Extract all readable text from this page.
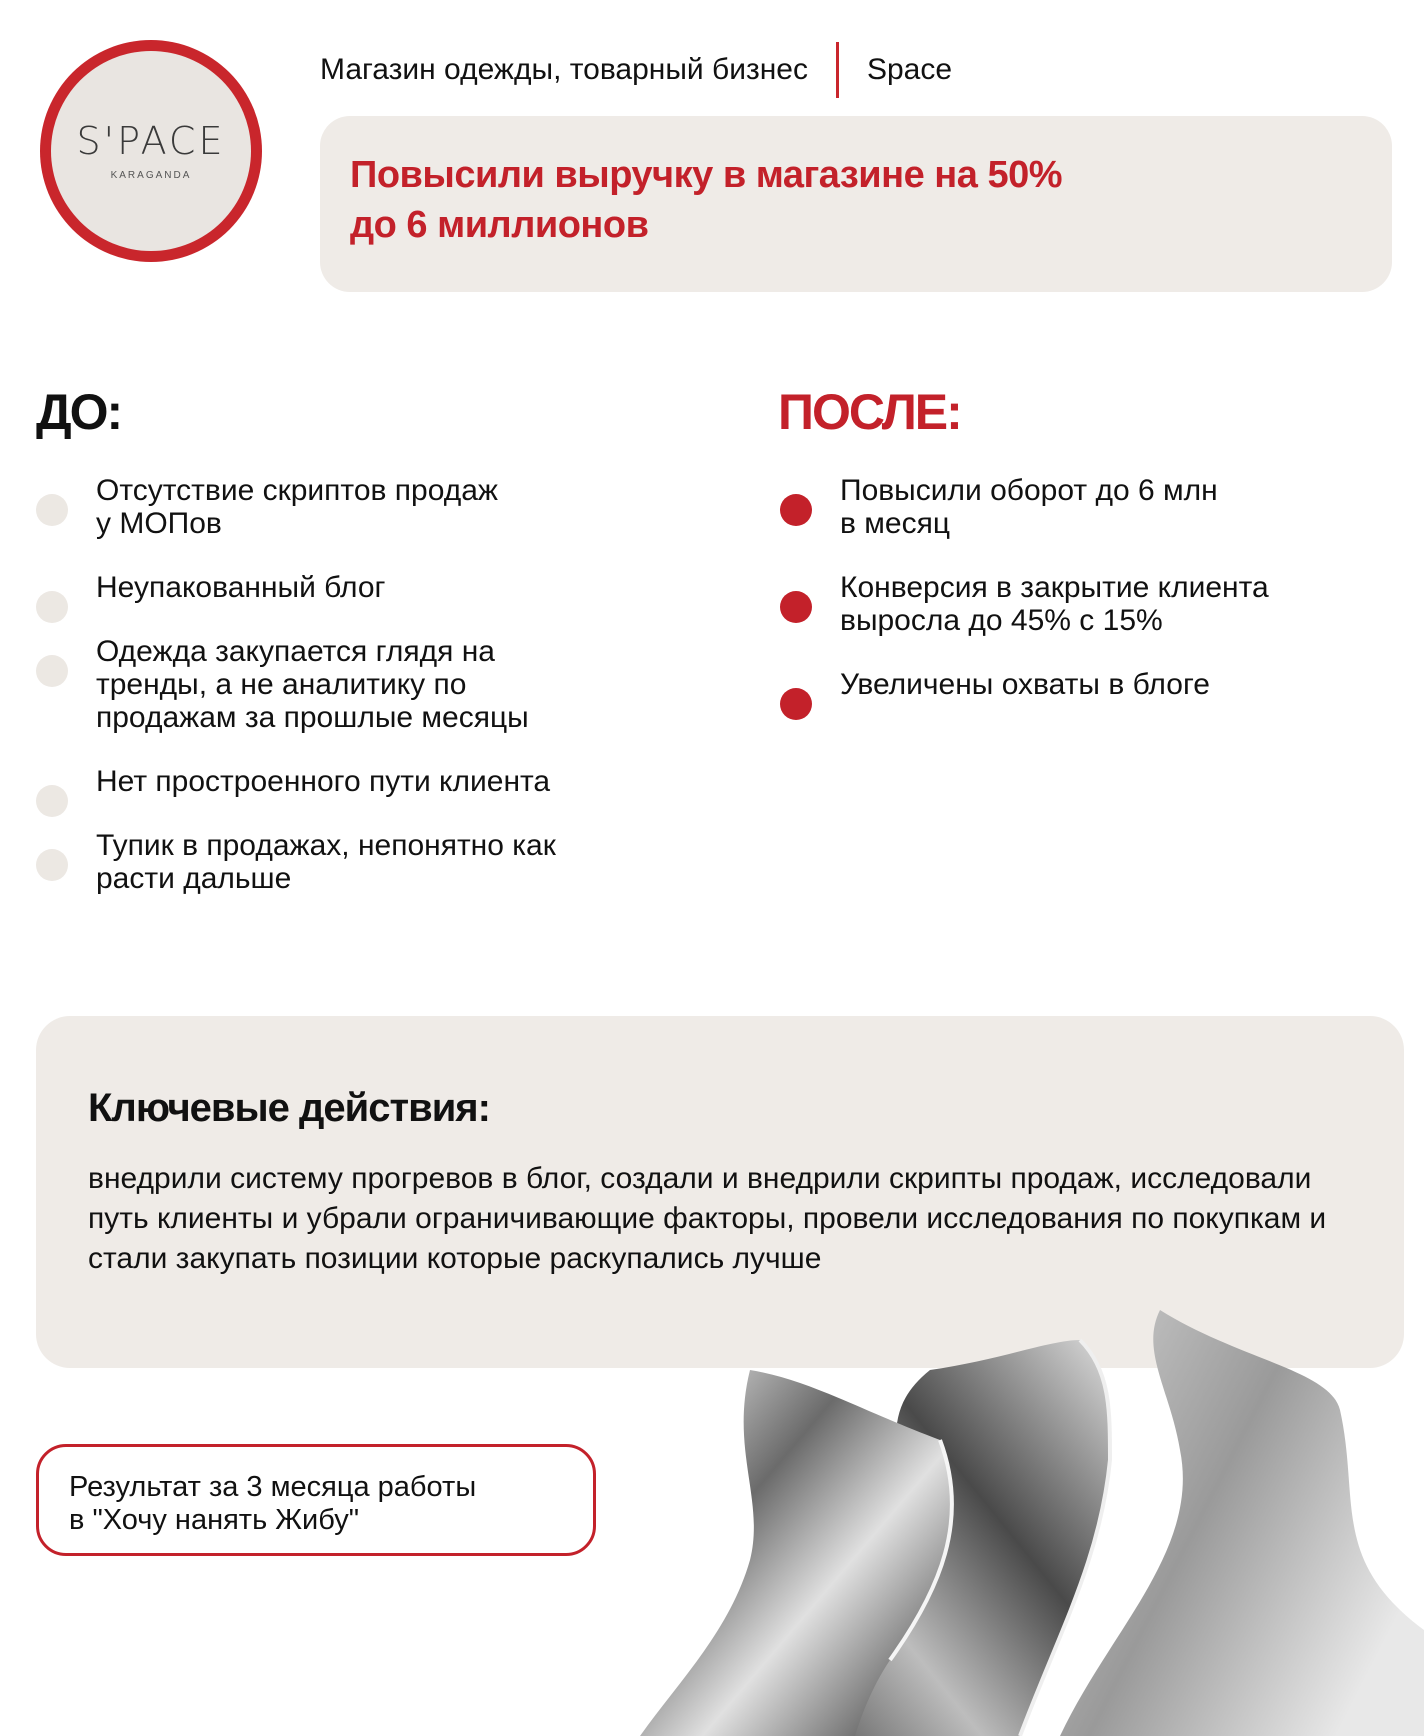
S'PACE
KARAGANDA
Магазин одежды, товарный бизнес Space
Повысили выручку в магазине на 50%
до 6 миллионов
ДО:
Отсутствие скриптов продаж
у МОПов
Неупакованный блог
Одежда закупается глядя на
тренды, а не аналитику по
продажам за прошлые месяцы
Нет простроенного пути клиента
Тупик в продажах, непонятно как
расти дальше
ПОСЛЕ:
Повысили оборот до 6 млн
в месяц
Конверсия в закрытие клиента
выросла до 45% с 15%
Увеличены охваты в блоге
Ключевые действия:
внедрили систему прогревов в блог, создали и внедрили скрипты продаж, исследовали путь клиенты и убрали ограничивающие факторы, провели исследования по покупкам и стали закупать позиции которые раскупались лучше
Результат за 3 месяца работы
в "Хочу нанять Жибу"
